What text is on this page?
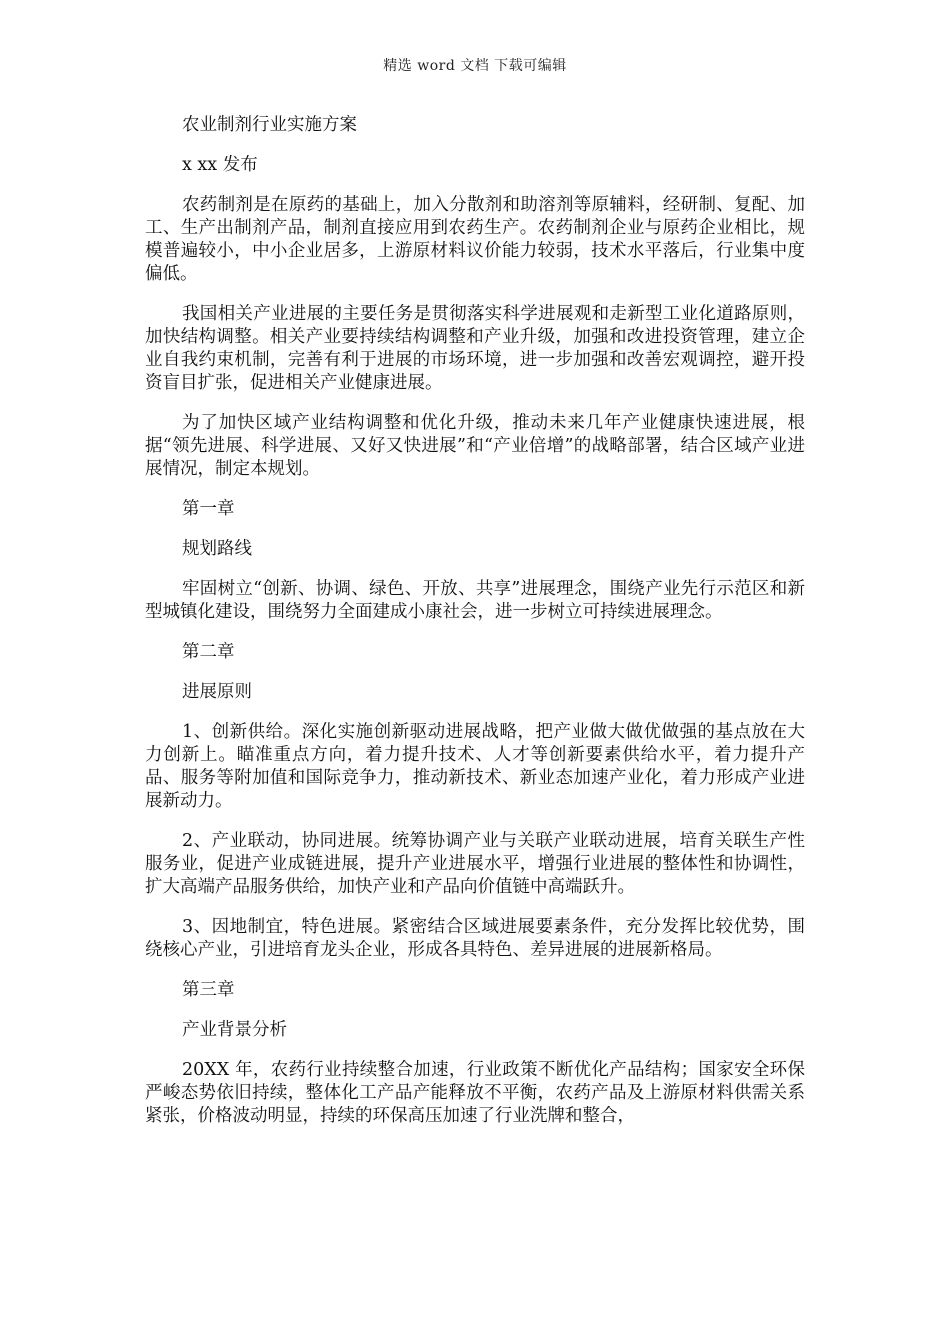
精选 word 文档 下载可编辑

农业制剂行业实施方案

x xx 发布

农药制剂是在原药的基础上，加入分散剂和助溶剂等原辅料，经研制、复配、加工、生产出制剂产品，制剂直接应用到农药生产。农药制剂企业与原药企业相比，规模普遍较小，中小企业居多，上游原材料议价能力较弱，技术水平落后，行业集中度偏低。

我国相关产业进展的主要任务是贯彻落实科学进展观和走新型工业化道路原则，加快结构调整。相关产业要持续结构调整和产业升级，加强和改进投资管理，建立企业自我约束机制，完善有利于进展的市场环境，进一步加强和改善宏观调控，避开投资盲目扩张，促进相关产业健康进展。

为了加快区域产业结构调整和优化升级，推动未来几年产业健康快速进展，根据“领先进展、科学进展、又好又快进展”和“产业倍增”的战略部署，结合区域产业进展情况，制定本规划。

第一章

规划路线

牢固树立“创新、协调、绿色、开放、共享”进展理念，围绕产业先行示范区和新型城镇化建设，围绕努力全面建成小康社会，进一步树立可持续进展理念。

第二章

进展原则

1、创新供给。深化实施创新驱动进展战略，把产业做大做优做强的基点放在大力创新上。瞄准重点方向，着力提升技术、人才等创新要素供给水平，着力提升产品、服务等附加值和国际竞争力，推动新技术、新业态加速产业化，着力形成产业进展新动力。

2、产业联动，协同进展。统筹协调产业与关联产业联动进展，培育关联生产性服务业，促进产业成链进展，提升产业进展水平，增强行业进展的整体性和协调性，扩大高端产品服务供给，加快产业和产品向价值链中高端跃升。

3、因地制宜，特色进展。紧密结合区域进展要素条件，充分发挥比较优势，围绕核心产业，引进培育龙头企业，形成各具特色、差异进展的进展新格局。

第三章

产业背景分析

20XX 年，农药行业持续整合加速，行业政策不断优化产品结构；国家安全环保严峻态势依旧持续，整体化工产品产能释放不平衡，农药产品及上游原材料供需关系紧张，价格波动明显，持续的环保高压加速了行业洗牌和整合，
